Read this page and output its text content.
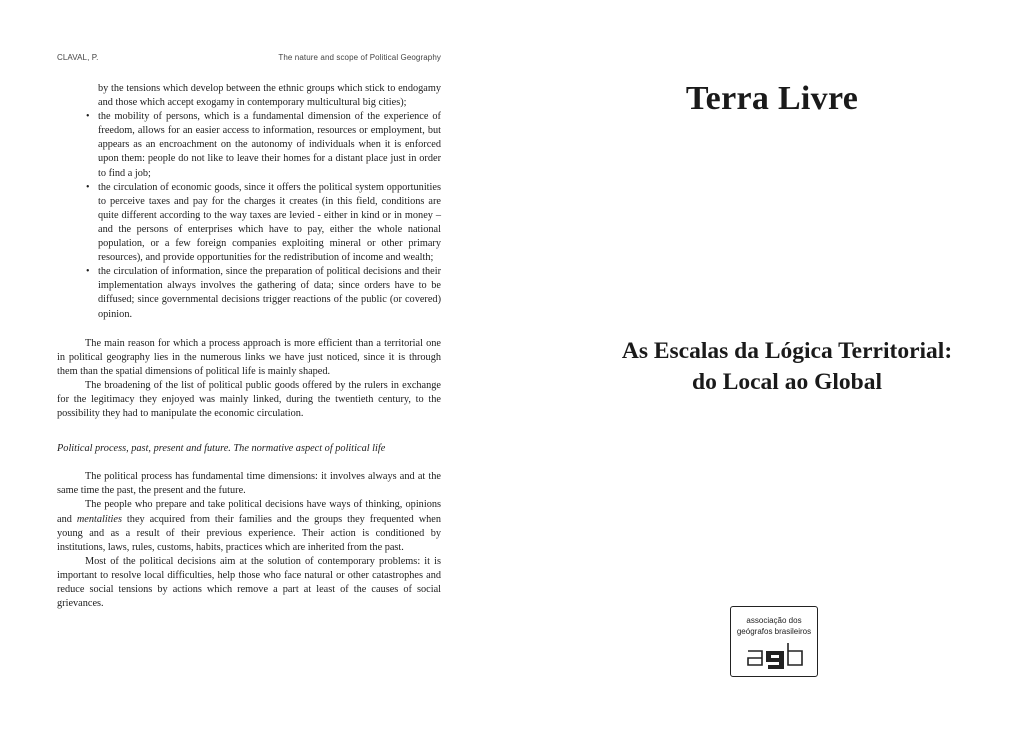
CLAVAL, P.	The nature and scope of Political Geography

by the tensions which develop between the ethnic groups which stick to endogamy and those which accept exogamy in contemporary multicultural big cities);

• the mobility of persons, which is a fundamental dimension of the experience of freedom, allows for an easier access to information, resources or employment, but appears as an encroachment on the autonomy of individuals when it is enforced upon them: people do not like to leave their homes for a distant place just in order to find a job;
• the circulation of economic goods, since it offers the political system opportunities to perceive taxes and pay for the charges it creates (in this field, conditions are quite different according to the way taxes are levied - either in kind or in money – and the persons of enterprises which have to pay, either the whole national population, or a few foreign companies exploiting mineral or other primary resources), and provide opportunities for the redistribution of income and wealth;
• the circulation of information, since the preparation of political decisions and their implementation always involves the gathering of data; since orders have to be diffused; since governmental decisions trigger reactions of the public (or covered) opinion.

The main reason for which a process approach is more efficient than a territorial one in political geography lies in the numerous links we have just noticed, since it is through them than the spatial dimensions of political life is mainly shaped.

The broadening of the list of political public goods offered by the rulers in exchange for the legitimacy they enjoyed was mainly linked, during the twentieth century, to the possibility they had to manipulate the economic circulation.

Political process, past, present and future. The normative aspect of political life

The political process has fundamental time dimensions: it involves always and at the same time the past, the present and the future.

The people who prepare and take political decisions have ways of thinking, opinions and mentalities they acquired from their families and the groups they frequented when young and as a result of their previous experience. Their action is conditioned by institutions, laws, rules, customs, habits, practices which are inherited from the past.

Most of the political decisions aim at the solution of contemporary problems: it is important to resolve local difficulties, help those who face natural or other catastrophes and reduce social tensions by actions which remove a part at least of the causes of social grievances.

Terra Livre
As Escalas da Lógica Territorial:
do Local ao Global
associação dos
geógrafos brasileiros
